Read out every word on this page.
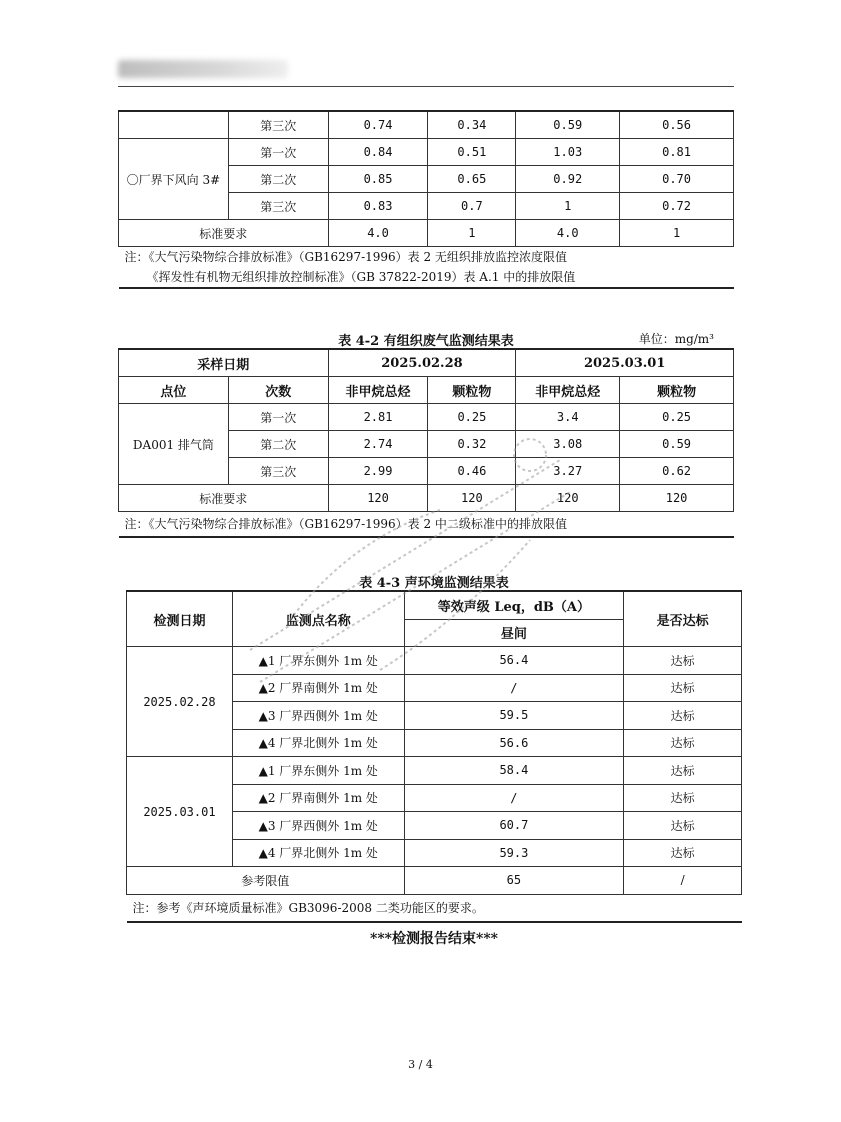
	第三次	0.74	0.34	0.59	0.56
〇厂界下风向 3#	第一次	0.84	0.51	1.03	0.81
	第二次	0.85	0.65	0.92	0.70
	第三次	0.83	0.7	1	0.72
标准要求		4.0	1	4.0	1

注：《大气污染物综合排放标准》（GB16297-1996）表 2 无组织排放监控浓度限值
《挥发性有机物无组织排放控制标准》（GB 37822-2019）表 A.1 中的排放限值					
表 4-2 有组织废气监测结果表	单位：mg/m³
采样日期		2025.02.28		2025.03.01	
点位	次数	非甲烷总烃	颗粒物	非甲烷总烃	颗粒物
DA001 排气筒	第一次	2.81	0.25	3.4	0.25
	第二次	2.74	0.32	3.08	0.59
	第三次	2.99	0.46	3.27	0.62
标准要求		120	120	120	120
注：《大气污染物综合排放标准》（GB16297-1996）表 2 中二级标准中的排放限值					
表 4-3 声环境监测结果表
检测日期	监测点名称	等效声级 Leq，dB（A）	是否达标
		昼间	
2025.02.28	▲1 厂界东侧外 1m 处	56.4	达标
	▲2 厂界南侧外 1m 处	/	达标
	▲3 厂界西侧外 1m 处	59.5	达标
	▲4 厂界北侧外 1m 处	56.6	达标
2025.03.01	▲1 厂界东侧外 1m 处	58.4	达标
	▲2 厂界南侧外 1m 处	/	达标
	▲3 厂界西侧外 1m 处	60.7	达标
	▲4 厂界北侧外 1m 处	59.3	达标
参考限值		65	/
注：参考《声环境质量标准》GB3096-2008 二类功能区的要求。			
***检测报告结束***
3 / 4
